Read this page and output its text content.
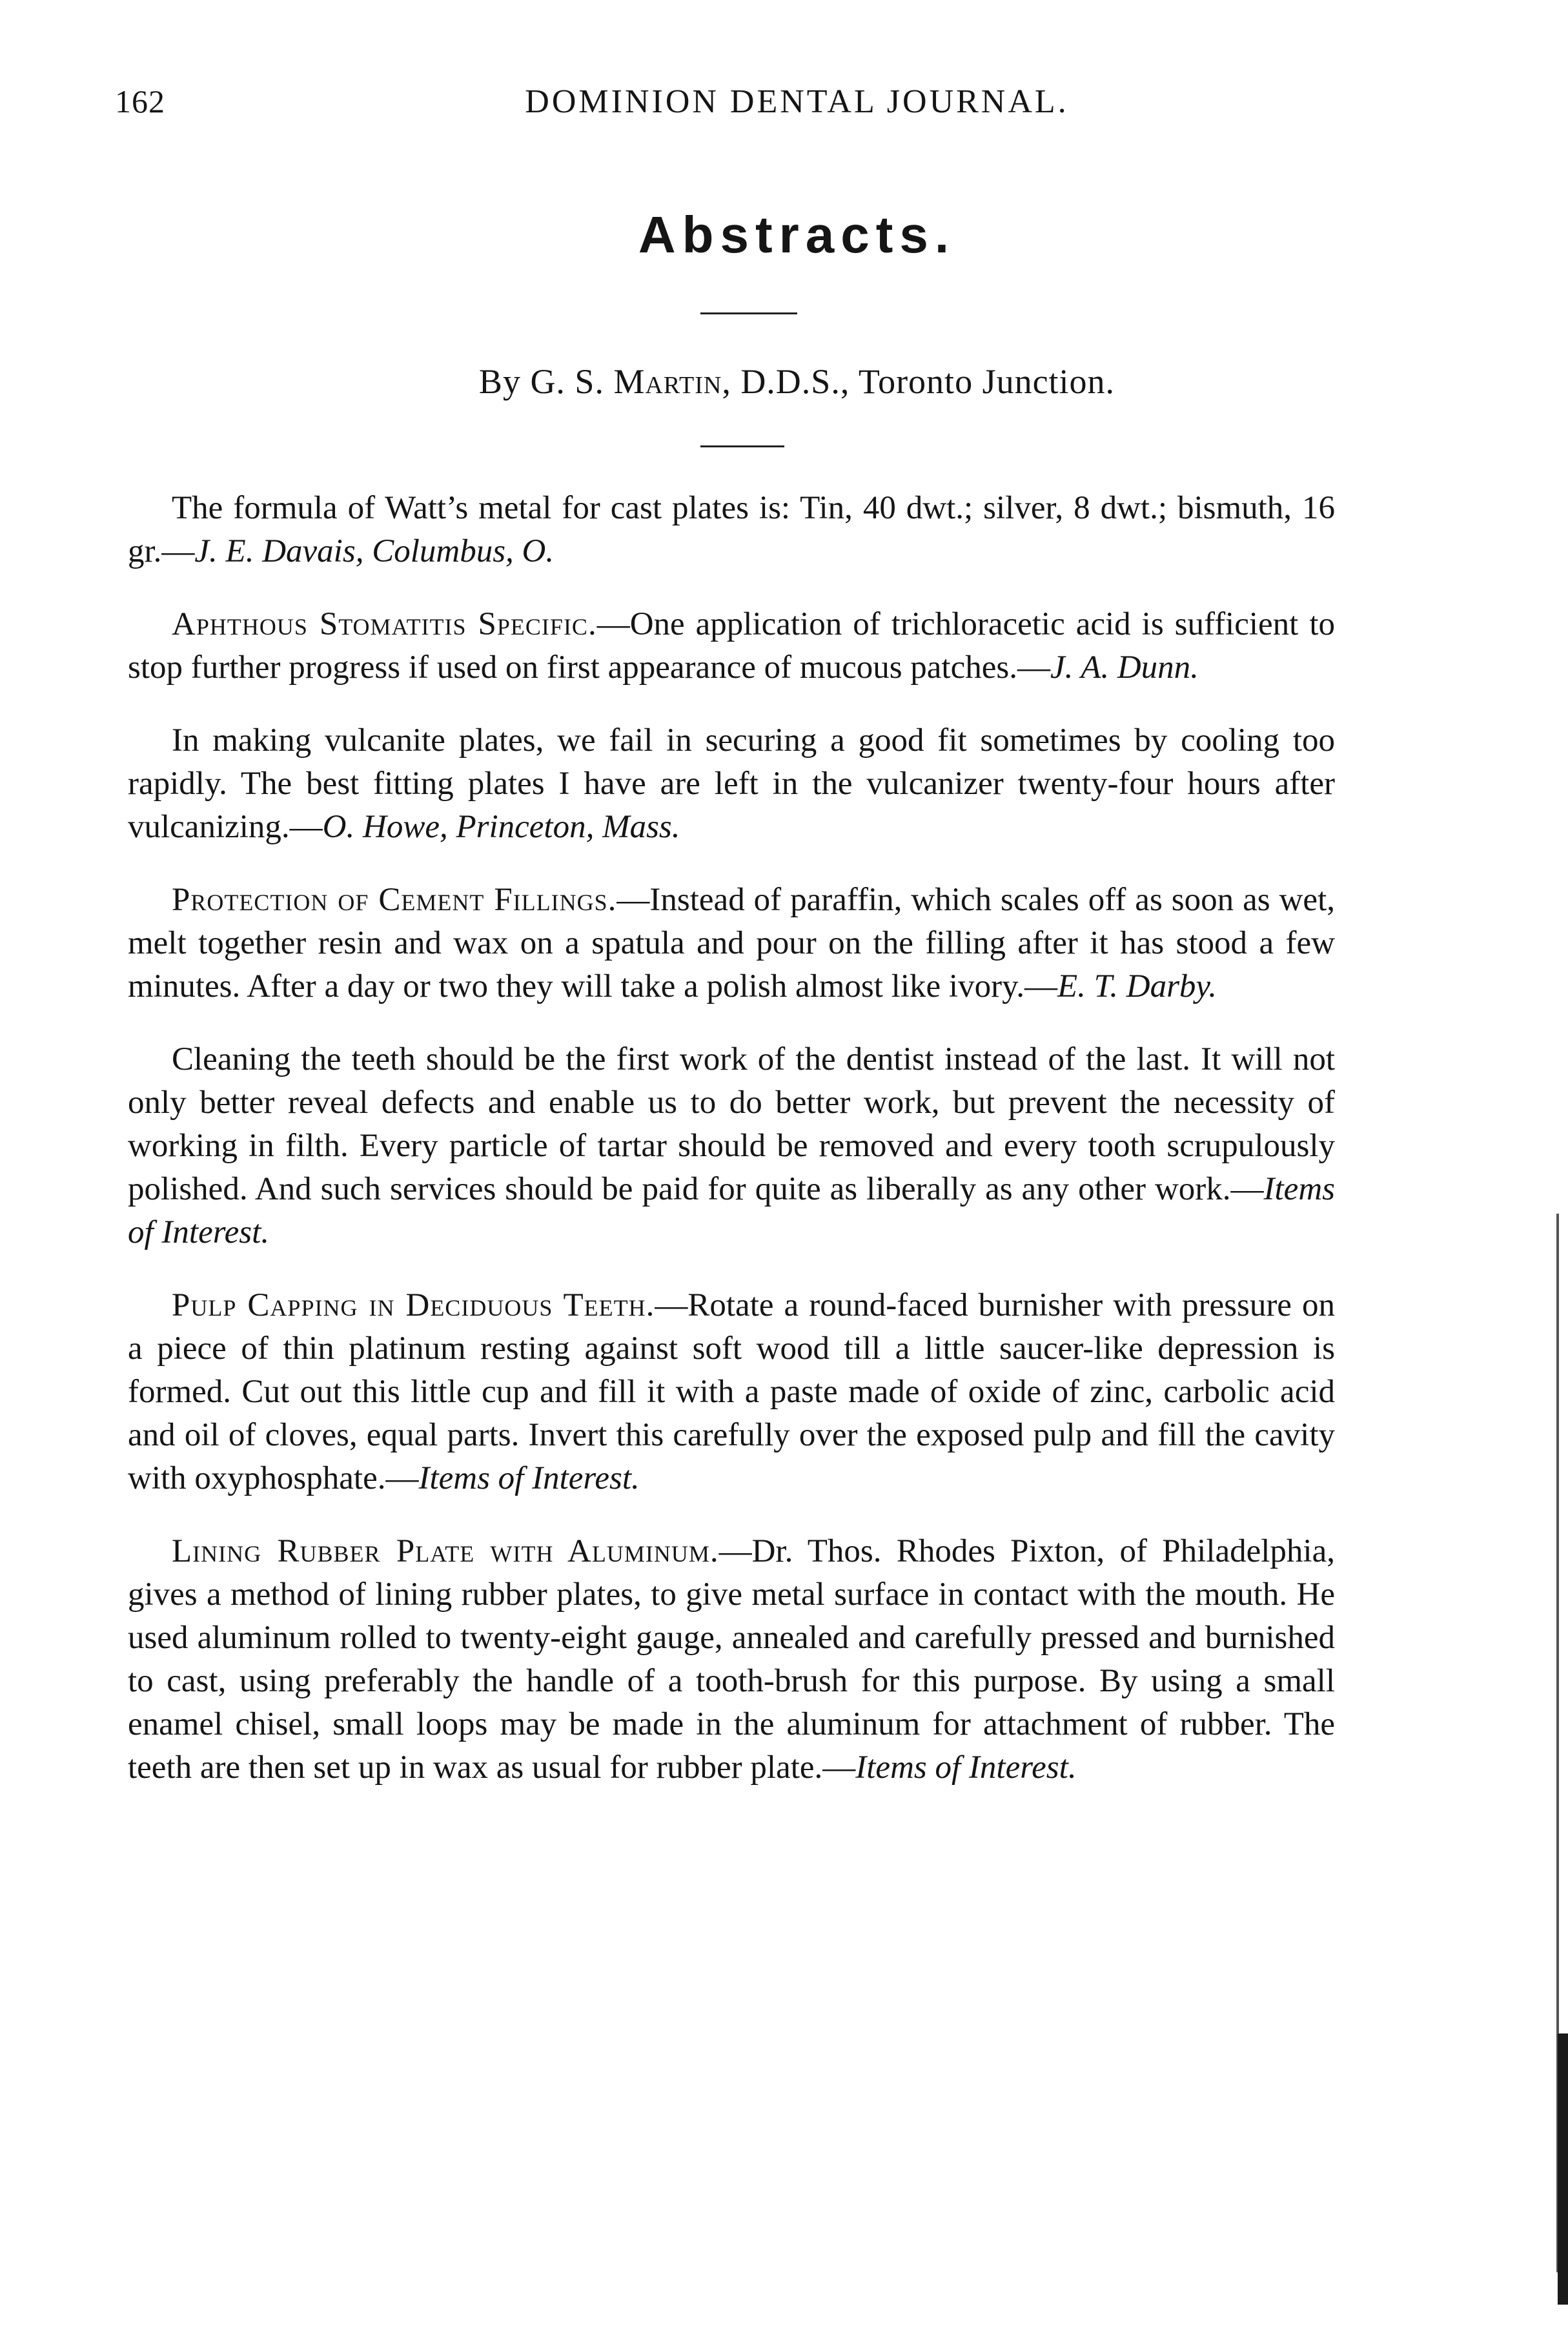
162	DOMINION DENTAL JOURNAL.
Abstracts.
By G. S. Martin, D.D.S., Toronto Junction.

The formula of Watt’s metal for cast plates is: Tin, 40 dwt.; silver, 8 dwt.; bismuth, 16 gr.—J. E. Davais, Columbus, O.

Aphthous Stomatitis Specific.—One application of trichloracetic acid is sufficient to stop further progress if used on first appearance of mucous patches.—J. A. Dunn.

In making vulcanite plates, we fail in securing a good fit sometimes by cooling too rapidly. The best fitting plates I have are left in the vulcanizer twenty-four hours after vulcanizing.—O. Howe, Princeton, Mass.

Protection of Cement Fillings.—Instead of paraffin, which scales off as soon as wet, melt together resin and wax on a spatula and pour on the filling after it has stood a few minutes. After a day or two they will take a polish almost like ivory.—E. T. Darby.

Cleaning the teeth should be the first work of the dentist instead of the last. It will not only better reveal defects and enable us to do better work, but prevent the necessity of working in filth. Every particle of tartar should be removed and every tooth scrupulously polished. And such services should be paid for quite as liberally as any other work.—Items of Interest.

Pulp Capping in Deciduous Teeth.—Rotate a round-faced burnisher with pressure on a piece of thin platinum resting against soft wood till a little saucer-like depression is formed. Cut out this little cup and fill it with a paste made of oxide of zinc, carbolic acid and oil of cloves, equal parts. Invert this carefully over the exposed pulp and fill the cavity with oxyphosphate.—Items of Interest.

Lining Rubber Plate with Aluminum.—Dr. Thos. Rhodes Pixton, of Philadelphia, gives a method of lining rubber plates, to give metal surface in contact with the mouth. He used aluminum rolled to twenty-eight gauge, annealed and carefully pressed and burnished to cast, using preferably the handle of a tooth-brush for this purpose. By using a small enamel chisel, small loops may be made in the aluminum for attachment of rubber. The teeth are then set up in wax as usual for rubber plate.—Items of Interest.
